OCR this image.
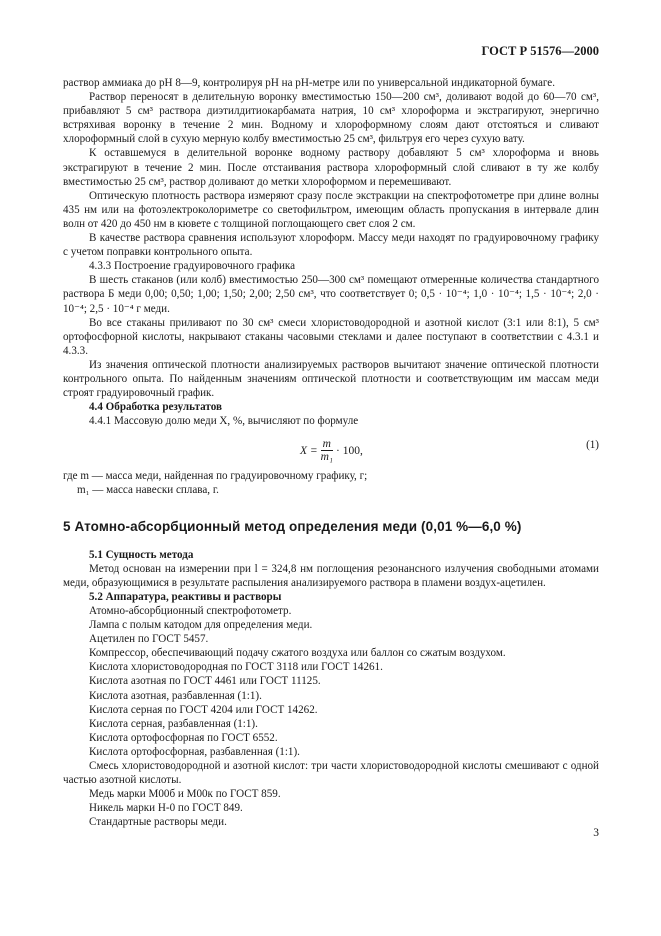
ГОСТ Р 51576—2000

раствор аммиака до pH 8—9, контролируя pH на pH-метре или по универсальной индикаторной бумаге.

Раствор переносят в делительную воронку вместимостью 150—200 см³, доливают водой до 60—70 см³, прибавляют 5 см³ раствора диэтилдитиокарбамата натрия, 10 см³ хлороформа и экстрагируют, энергично встряхивая воронку в течение 2 мин. Водному и хлороформному слоям дают отстояться и сливают хлороформный слой в сухую мерную колбу вместимостью 25 см³, фильтруя его через сухую вату.

К оставшемуся в делительной воронке водному раствору добавляют 5 см³ хлороформа и вновь экстрагируют в течение 2 мин. После отстаивания раствора хлороформный слой сливают в ту же колбу вместимостью 25 см³, раствор доливают до метки хлороформом и перемешивают.

Оптическую плотность раствора измеряют сразу после экстракции на спектрофотометре при длине волны 435 нм или на фотоэлектроколориметре со светофильтром, имеющим область пропускания в интервале длин волн от 420 до 450 нм в кювете с толщиной поглощающего свет слоя 2 см.

В качестве раствора сравнения используют хлороформ. Массу меди находят по градуировочному графику с учетом поправки контрольного опыта.

4.3.3 Построение градуировочного графика

В шесть стаканов (или колб) вместимостью 250—300 см³ помещают отмеренные количества стандартного раствора Б меди 0,00; 0,50; 1,00; 1,50; 2,00; 2,50 см³, что соответствует 0; 0,5 · 10⁻⁴; 1,0 · 10⁻⁴; 1,5 · 10⁻⁴; 2,0 · 10⁻⁴; 2,5 · 10⁻⁴ г меди.

Во все стаканы приливают по 30 см³ смеси хлористоводородной и азотной кислот (3:1 или 8:1), 5 см³ ортофосфорной кислоты, накрывают стаканы часовыми стеклами и далее поступают в соответствии с 4.3.1 и 4.3.3.

Из значения оптической плотности анализируемых растворов вычитают значение оптической плотности контрольного опыта. По найденным значениям оптической плотности и соответствующим им массам меди строят градуировочный график.

4.4 Обработка результатов

4.4.1 Массовую долю меди X, %, вычисляют по формуле

$X = \frac{m}{\text{m₁}} \cdot 100$,	(1)

где m — масса меди, найденная по градуировочному графику, г;

m₁ — масса навески сплава, г.

5 Атомно-абсорбционный метод определения меди (0,01 %—6,0 %)

5.1 Сущность метода

Метод основан на измерении при l = 324,8 нм поглощения резонансного излучения свободными атомами меди, образующимися в результате распыления анализируемого раствора в пламени воздух-ацетилен.

5.2 Аппаратура, реактивы и растворы

Атомно-абсорбционный спектрофотометр.

Лампа с полым катодом для определения меди.

Ацетилен по ГОСТ 5457.

Компрессор, обеспечивающий подачу сжатого воздуха или баллон со сжатым воздухом.

Кислота хлористоводородная по ГОСТ 3118 или ГОСТ 14261.

Кислота азотная по ГОСТ 4461 или ГОСТ 11125.

Кислота азотная, разбавленная (1:1).

Кислота серная по ГОСТ 4204 или ГОСТ 14262.

Кислота серная, разбавленная (1:1).

Кислота ортофосфорная по ГОСТ 6552.

Кислота ортофосфорная, разбавленная (1:1).

Смесь хлористоводородной и азотной кислот: три части хлористоводородной кислоты смешивают с одной частью азотной кислоты.

Медь марки М00б и М00к по ГОСТ 859.

Никель марки Н-0 по ГОСТ 849.

Стандартные растворы меди.

3
